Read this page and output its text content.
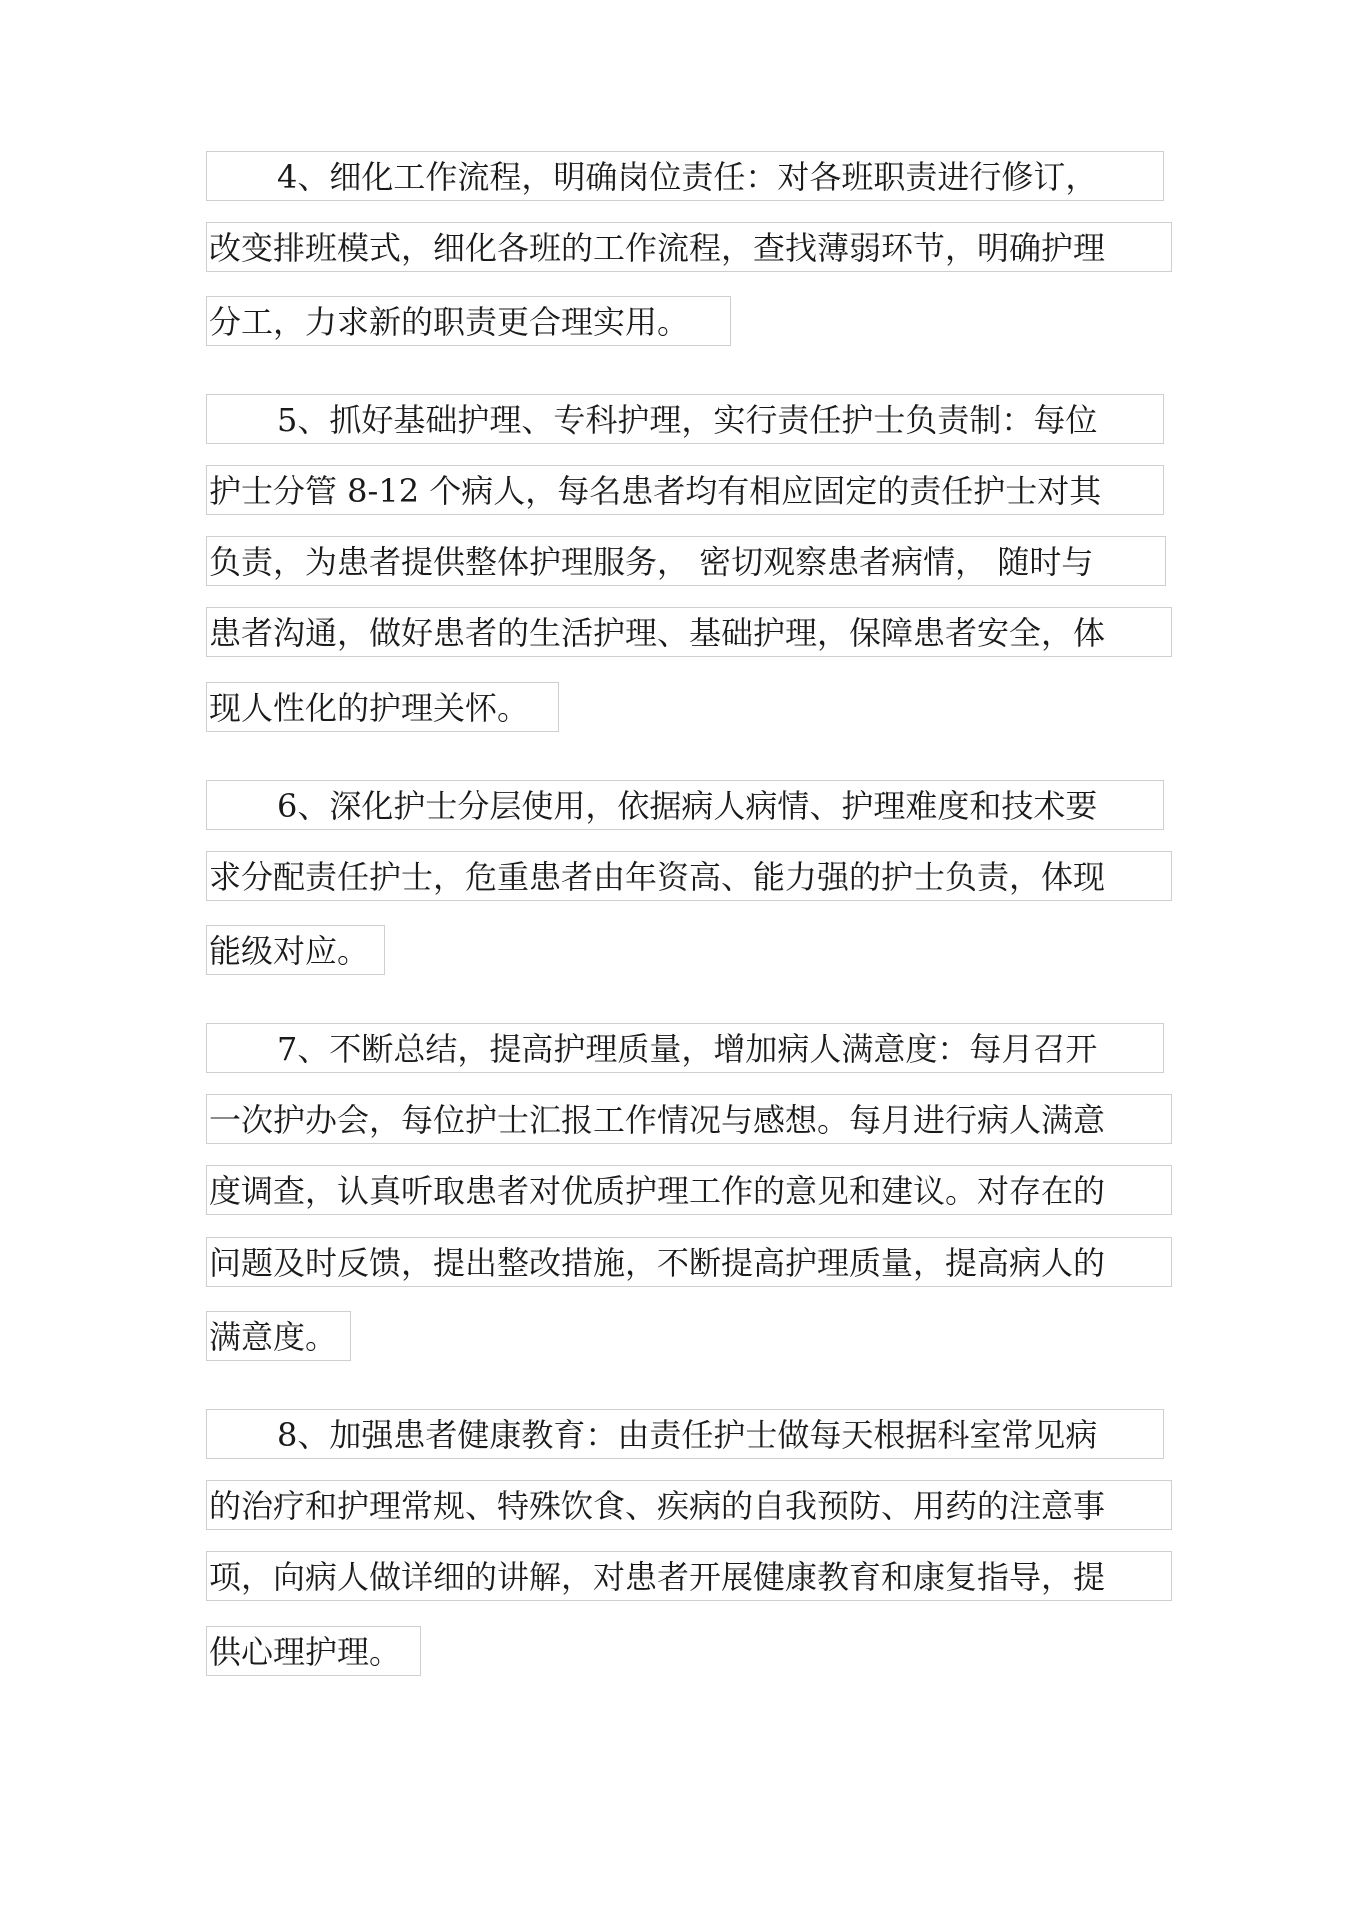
4、细化工作流程，明确岗位责任：对各班职责进行修订，
改变排班模式，细化各班的工作流程，查找薄弱环节，明确护理
分工，力求新的职责更合理实用。
5、抓好基础护理、专科护理，实行责任护士负责制：每位
护士分管 8-12 个病人，每名患者均有相应固定的责任护士对其
负责，为患者提供整体护理服务， 密切观察患者病情， 随时与
患者沟通，做好患者的生活护理、基础护理，保障患者安全，体
现人性化的护理关怀。
6、深化护士分层使用，依据病人病情、护理难度和技术要
求分配责任护士，危重患者由年资高、能力强的护士负责，体现
能级对应。
7、不断总结，提高护理质量，增加病人满意度：每月召开
一次护办会，每位护士汇报工作情况与感想。每月进行病人满意
度调查，认真听取患者对优质护理工作的意见和建议。对存在的
问题及时反馈，提出整改措施，不断提高护理质量，提高病人的
满意度。
8、加强患者健康教育：由责任护士做每天根据科室常见病
的治疗和护理常规、特殊饮食、疾病的自我预防、用药的注意事
项，向病人做详细的讲解，对患者开展健康教育和康复指导，提
供心理护理。
